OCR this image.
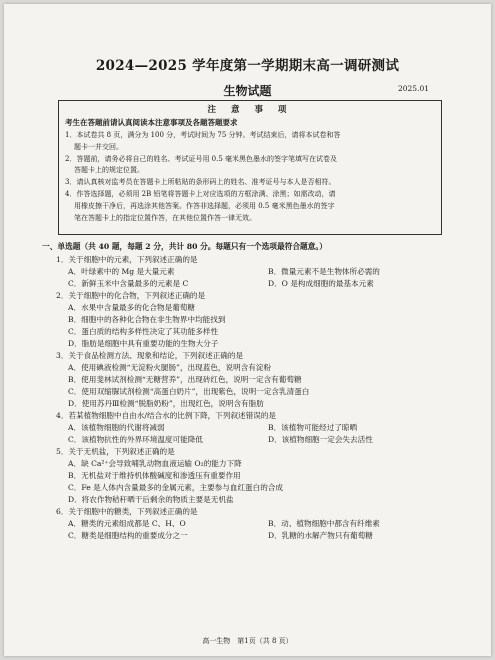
2024—2025 学年度第一学期期末高一调研测试
生物试题	2025.01
注 意 事 项
考生在答题前请认真阅读本注意事项及各题答题要求
1．本试卷共 8 页，满分为 100 分，考试时间为 75 分钟。考试结束后，请将本试卷和答
题卡一并交回。
2．答题前，请务必将自己的姓名、考试证号用 0.5 毫米黑色墨水的签字笔填写在试卷及
答题卡上的规定位置。
3．请认真核对监考员在答题卡上所粘贴的条形码上的姓名、准考证号与本人是否相符。
4．作答选择题，必须用 2B 铅笔将答题卡上对应选项的方框涂满、涂黑；如需改动，请
用橡皮擦干净后，再选涂其他答案。作答非选择题，必须用 0.5 毫米黑色墨水的签字
笔在答题卡上的指定位置作答，在其他位置作答一律无效。
一、单选题（共 40 题，每题 2 分，共计 80 分。每题只有一个选项最符合题意。）
1．关于细胞中的元素，下列叙述正确的是
A．叶绿素中的 Mg 是大量元素	B．微量元素不是生物体所必需的
C．新鲜玉米中含量最多的元素是 C	D．O 是构成细胞的最基本元素
2．关于细胞中的化合物，下列叙述正确的是
A．水果中含量最多的化合物是葡萄糖
B．细胞中的各种化合物在非生物界中均能找到
C．蛋白质的结构多样性决定了其功能多样性
D．脂肪是细胞中具有重要功能的生物大分子
3．关于食品检测方法、现象和结论，下列叙述正确的是
A．使用碘液检测“无淀粉火腿肠”，出现蓝色，说明含有淀粉
B．使用斐林试剂检测“无糖营养”，出现砖红色，说明一定含有葡萄糖
C．使用双缩脲试剂检测“高蛋白奶片”，出现紫色，说明一定含乳清蛋白
D．使用苏丹Ⅲ检测“脱脂奶粉”，出现红色，说明含有脂肪
4．若某植物细胞中自由水/结合水的比例下降，下列叙述错误的是
A．该植物细胞的代谢将减弱	B．该植物可能经过了晾晒
C．该植物抗性的外界环境温度可能降低	D．该植物细胞一定会失去活性
5．关于无机盐，下列叙述正确的是
A．缺 Ca²⁺会导致哺乳动物血液运输 O₂的能力下降
B．无机盐对于维持机体酸碱度和渗透压有重要作用
C．Fe 是人体内含量最多的金属元素，主要参与血红蛋白的合成
D．将农作物秸秆晒干后剩余的物质主要是无机盐
6．关于细胞中的糖类，下列叙述正确的是
A．糖类的元素组成都是 C、H、O	B．动、植物细胞中都含有纤维素
C．糖类是细胞结构的重要成分之一	D．乳糖的水解产物只有葡萄糖
高一生物　第1页（共 8 页）
